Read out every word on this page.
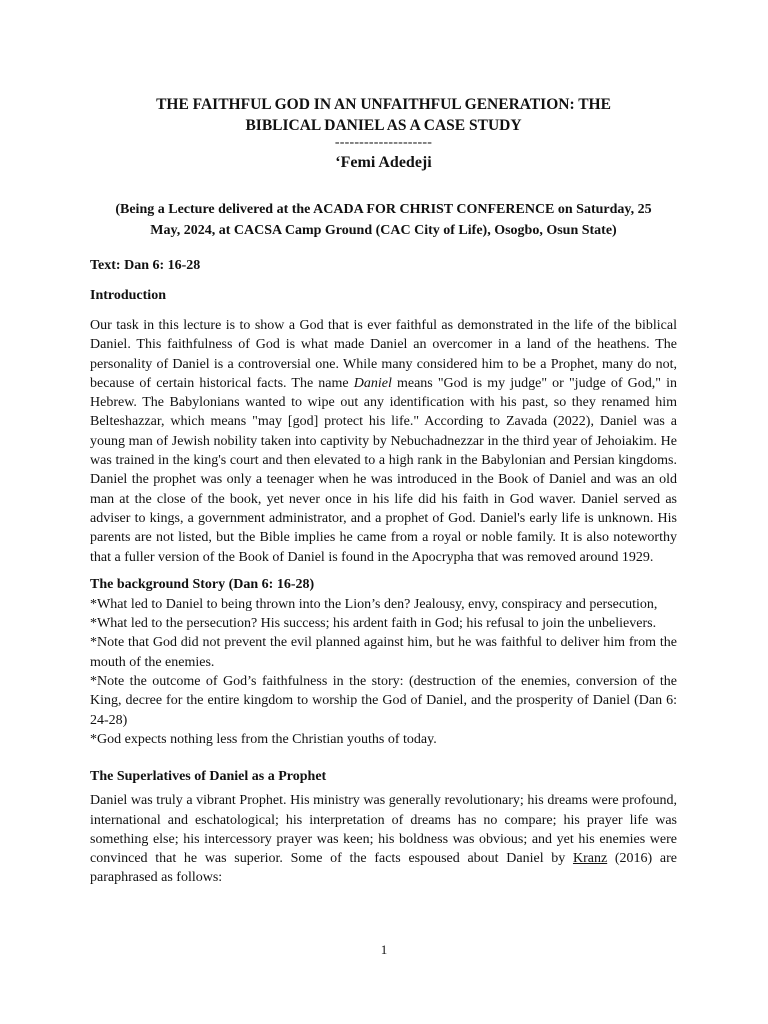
THE FAITHFUL GOD IN AN UNFAITHFUL GENERATION: THE
BIBLICAL DANIEL AS A CASE STUDY

--------------------

‘Femi Adedeji

(Being a Lecture delivered at the ACADA FOR CHRIST CONFERENCE on Saturday, 25
May, 2024, at CACSA Camp Ground (CAC City of Life), Osogbo, Osun State)

Text: Dan 6: 16-28

Introduction

Our task in this lecture is to show a God that is ever faithful as demonstrated in the life of the biblical Daniel. This faithfulness of God is what made Daniel an overcomer in a land of the heathens. The personality of Daniel is a controversial one. While many considered him to be a Prophet, many do not, because of certain historical facts. The name Daniel means "God is my judge" or "judge of God," in Hebrew. The Babylonians wanted to wipe out any identification with his past, so they renamed him Belteshazzar, which means "may [god] protect his life." According to Zavada (2022), Daniel was a young man of Jewish nobility taken into captivity by Nebuchadnezzar in the third year of Jehoiakim. He was trained in the king's court and then elevated to a high rank in the Babylonian and Persian kingdoms. Daniel the prophet was only a teenager when he was introduced in the Book of Daniel and was an old man at the close of the book, yet never once in his life did his faith in God waver. Daniel served as adviser to kings, a government administrator, and a prophet of God. Daniel's early life is unknown. His parents are not listed, but the Bible implies he came from a royal or noble family. It is also noteworthy that a fuller version of the Book of Daniel is found in the Apocrypha that was removed around 1929.

The background Story (Dan 6: 16-28)

*What led to Daniel to being thrown into the Lion’s den? Jealousy, envy, conspiracy and persecution,

*What led to the persecution? His success; his ardent faith in God; his refusal to join the unbelievers.

*Note that God did not prevent the evil planned against him, but he was faithful to deliver him from the mouth of the enemies.

*Note the outcome of God’s faithfulness in the story: (destruction of the enemies, conversion of the King, decree for the entire kingdom to worship the God of Daniel, and the prosperity of Daniel (Dan 6: 24-28)

*God expects nothing less from the Christian youths of today.

The Superlatives of Daniel as a Prophet

Daniel was truly a vibrant Prophet. His ministry was generally revolutionary; his dreams were profound, international and eschatological; his interpretation of dreams has no compare; his prayer life was something else; his intercessory prayer was keen; his boldness was obvious; and yet his enemies were convinced that he was superior. Some of the facts espoused about Daniel by Kranz (2016) are paraphrased as follows:

1
